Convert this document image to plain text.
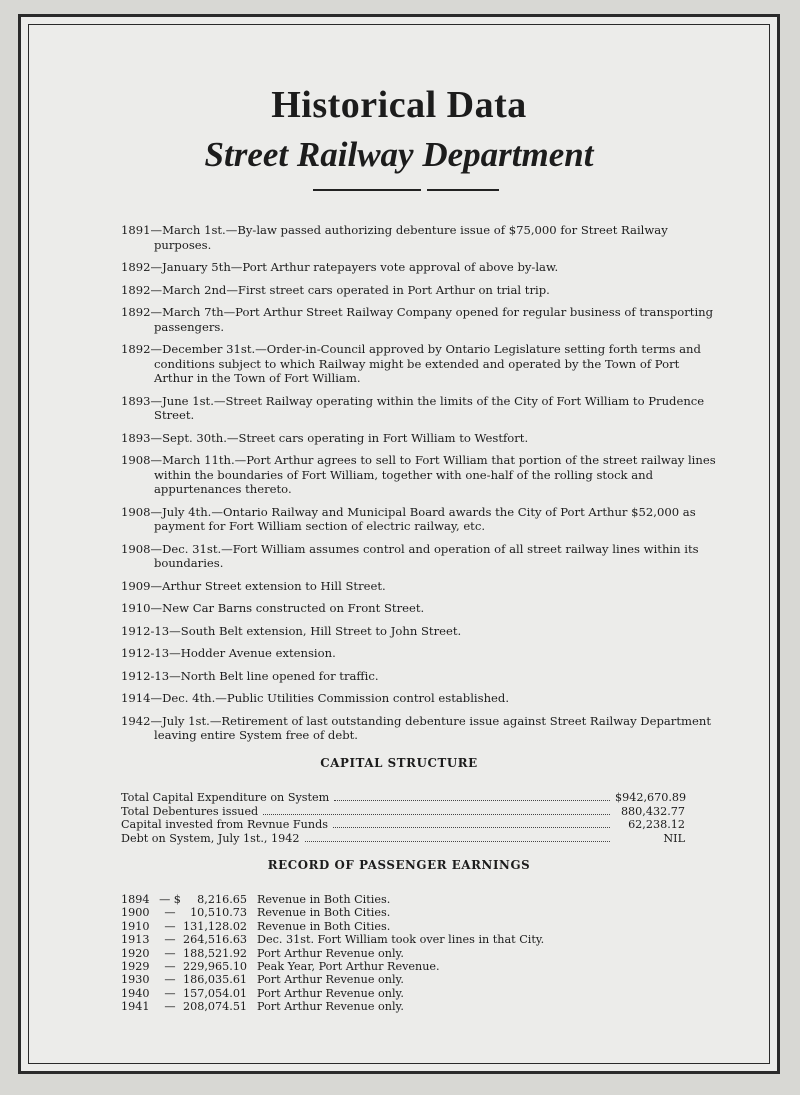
Historical Data
Street Railway Department
1891—March 1st.—By-law passed authorizing debenture issue of $75,000 for Street Railway purposes.
1892—January 5th—Port Arthur ratepayers vote approval of above by-law.
1892—March 2nd—First street cars operated in Port Arthur on trial trip.
1892—March 7th—Port Arthur Street Railway Company opened for regular business of transporting passengers.
1892—December 31st.—Order-in-Council approved by Ontario Legislature setting forth terms and conditions subject to which Railway might be extended and operated by the Town of Port Arthur in the Town of Fort William.
1893—June 1st.—Street Railway operating within the limits of the City of Fort William to Prudence Street.
1893—Sept. 30th.—Street cars operating in Fort William to Westfort.
1908—March 11th.—Port Arthur agrees to sell to Fort William that portion of the street railway lines within the boundaries of Fort William, together with one-half of the rolling stock and appurtenances thereto.
1908—July 4th.—Ontario Railway and Municipal Board awards the City of Port Arthur $52,000 as payment for Fort William section of electric railway, etc.
1908—Dec. 31st.—Fort William assumes control and operation of all street railway lines within its boundaries.
1909—Arthur Street extension to Hill Street.
1910—New Car Barns constructed on Front Street.
1912-13—South Belt extension, Hill Street to John Street.
1912-13—Hodder Avenue extension.
1912-13—North Belt line opened for traffic.
1914—Dec. 4th.—Public Utilities Commission control established.
1942—July 1st.—Retirement of last outstanding debenture issue against Street Railway Department leaving entire System free of debt.
CAPITAL STRUCTURE
Total Capital Expenditure on System	$942,670.89
Total Debentures issued	880,432.77
Capital invested from Revnue Funds	62,238.12
Debt on System, July 1st., 1942	NIL
RECORD OF PASSENGER EARNINGS
1894 — $	8,216.65 Revenue in Both Cities.
1900	—	10,510.73 Revenue in Both Cities.
1910	— 131,128.02 Revenue in Both Cities.
1913	— 264,516.63 Dec. 31st. Fort William took over lines in that City.
1920	— 188,521.92 Port Arthur Revenue only.
1929	— 229,965.10 Peak Year, Port Arthur Revenue.
1930	— 186,035.61 Port Arthur Revenue only.
1940	— 157,054.01 Port Arthur Revenue only.
1941	— 208,074.51 Port Arthur Revenue only.
